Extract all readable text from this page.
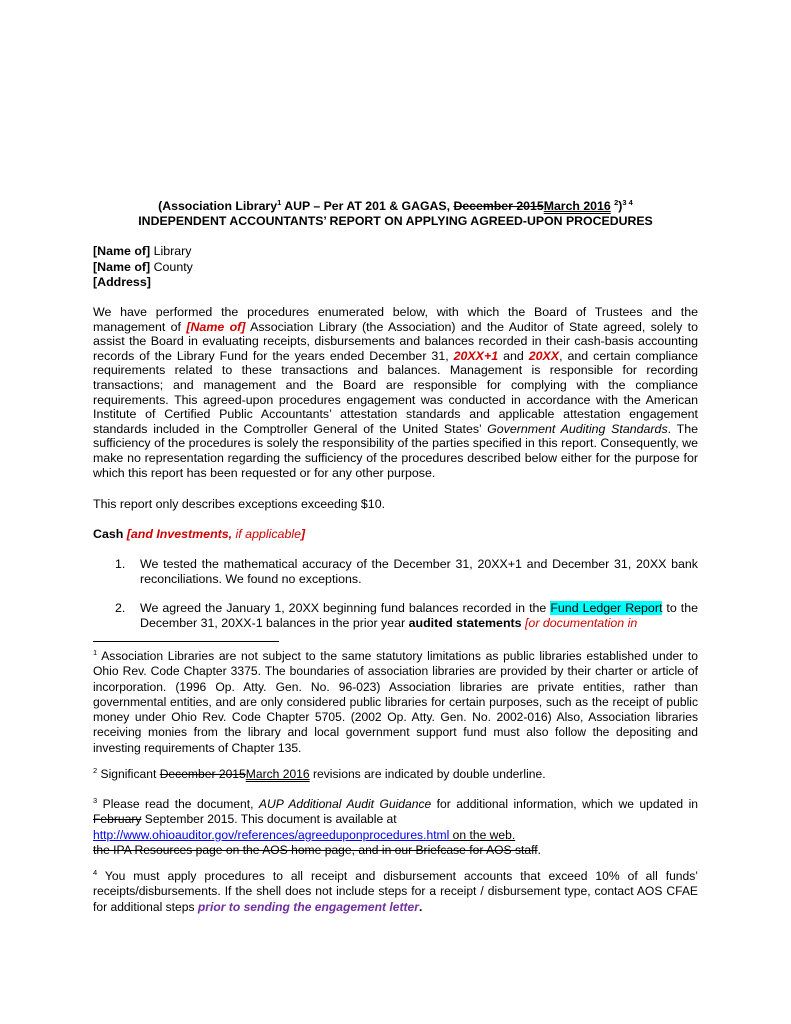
(Association Library$^1$ AUP – Per AT 201 & GAGAS, December 2015March 2016 $^2$)$^{3 4}$
INDEPENDENT ACCOUNTANTS’ REPORT ON APPLYING AGREED-UPON PROCEDURES
[Name of] Library
[Name of] County
[Address]
We have performed the procedures enumerated below, with which the Board of Trustees and the management of [Name of] Association Library (the Association) and the Auditor of State agreed, solely to assist the Board in evaluating receipts, disbursements and balances recorded in their cash-basis accounting records of the Library Fund for the years ended December 31, 20XX+1 and 20XX, and certain compliance requirements related to these transactions and balances. Management is responsible for recording transactions; and management and the Board are responsible for complying with the compliance requirements. This agreed-upon procedures engagement was conducted in accordance with the American Institute of Certified Public Accountants’ attestation standards and applicable attestation engagement standards included in the Comptroller General of the United States’ Government Auditing Standards. The sufficiency of the procedures is solely the responsibility of the parties specified in this report. Consequently, we make no representation regarding the sufficiency of the procedures described below either for the purpose for which this report has been requested or for any other purpose.
This report only describes exceptions exceeding $10.
Cash [and Investments, if applicable]
1. We tested the mathematical accuracy of the December 31, 20XX+1 and December 31, 20XX bank reconciliations. We found no exceptions.
2. We agreed the January 1, 20XX beginning fund balances recorded in the Fund Ledger Report to the December 31, 20XX-1 balances in the prior year audited statements [or documentation in
$^1$ Association Libraries are not subject to the same statutory limitations as public libraries established under to Ohio Rev. Code Chapter 3375. The boundaries of association libraries are provided by their charter or article of incorporation. (1996 Op. Atty. Gen. No. 96-023) Association libraries are private entities, rather than governmental entities, and are only considered public libraries for certain purposes, such as the receipt of public money under Ohio Rev. Code Chapter 5705. (2002 Op. Atty. Gen. No. 2002-016) Also, Association libraries receiving monies from the library and local government support fund must also follow the depositing and investing requirements of Chapter 135.
$^2$ Significant December 2015March 2016 revisions are indicated by double underline.
$^3$ Please read the document, AUP Additional Audit Guidance for additional information, which we updated in February September 2015. This document is available at
http://www.ohioauditor.gov/references/agreeduponprocedures.html on the web.
the IPA Resources page on the AOS home page, and in our Briefcase for AOS staff.
$^4$ You must apply procedures to all receipt and disbursement accounts that exceed 10% of all funds’ receipts/disbursements. If the shell does not include steps for a receipt / disbursement type, contact AOS CFAE for additional steps prior to sending the engagement letter.
